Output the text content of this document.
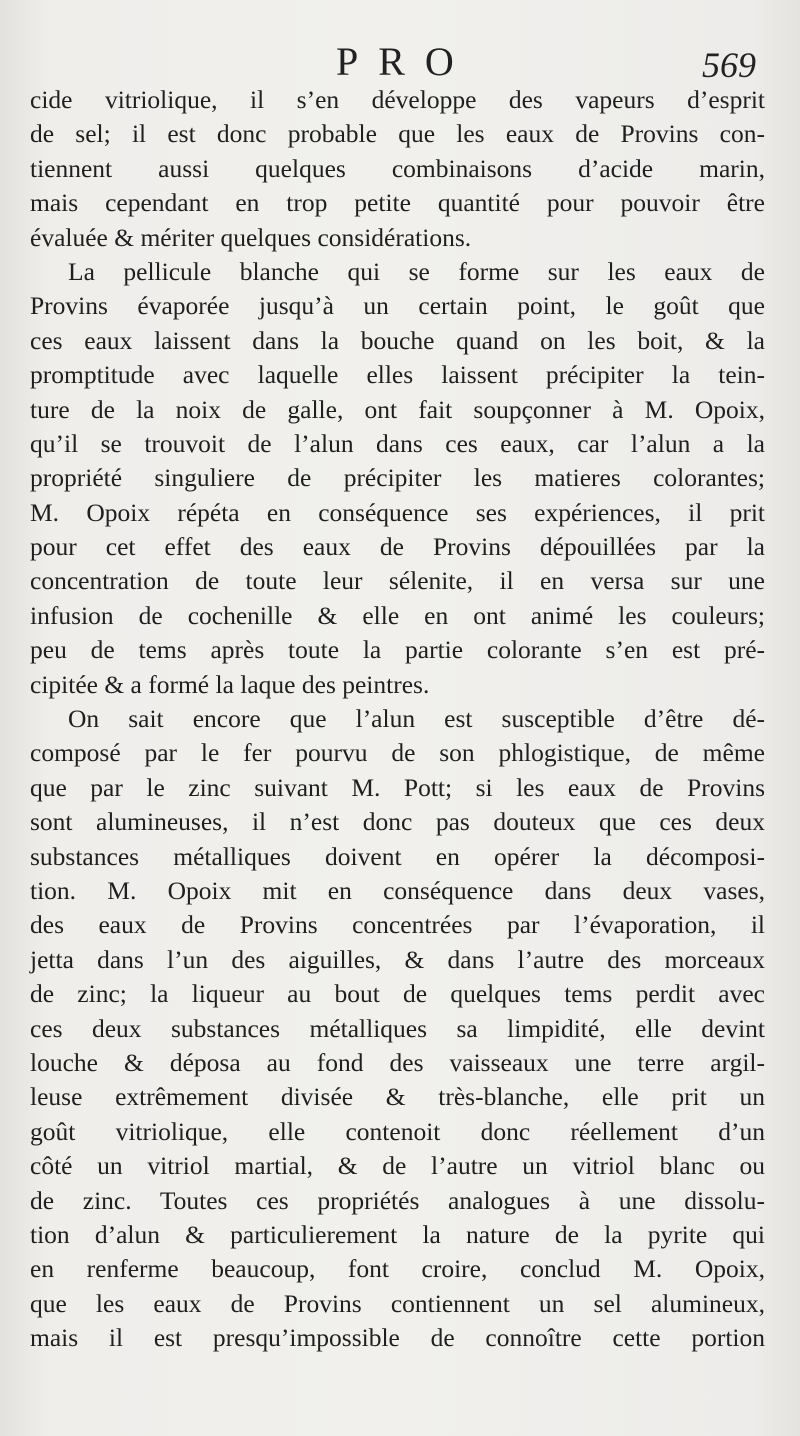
PRO	569
cide vitriolique, il s’en développe des vapeurs d’esprit
de sel; il est donc probable que les eaux de Provins con-
tiennent aussi quelques combinaisons d’acide marin,
mais cependant en trop petite quantité pour pouvoir être
évaluée & mériter quelques considérations.
La pellicule blanche qui se forme sur les eaux de
Provins évaporée jusqu’à un certain point, le goût que
ces eaux laissent dans la bouche quand on les boit, & la
promptitude avec laquelle elles laissent précipiter la tein-
ture de la noix de galle, ont fait soupçonner à M. Opoix,
qu’il se trouvoit de l’alun dans ces eaux, car l’alun a la
propriété singuliere de précipiter les matieres colorantes;
M. Opoix répéta en conséquence ses expériences, il prit
pour cet effet des eaux de Provins dépouillées par la
concentration de toute leur sélenite, il en versa sur une
infusion de cochenille & elle en ont animé les couleurs;
peu de tems après toute la partie colorante s’en est pré-
cipitée & a formé la laque des peintres.
On sait encore que l’alun est susceptible d’être dé-
composé par le fer pourvu de son phlogistique, de même
que par le zinc suivant M. Pott; si les eaux de Provins
sont alumineuses, il n’est donc pas douteux que ces deux
substances métalliques doivent en opérer la décomposi-
tion. M. Opoix mit en conséquence dans deux vases,
des eaux de Provins concentrées par l’évaporation, il
jetta dans l’un des aiguilles, & dans l’autre des morceaux
de zinc; la liqueur au bout de quelques tems perdit avec
ces deux substances métalliques sa limpidité, elle devint
louche & déposa au fond des vaisseaux une terre argil-
leuse extrêmement divisée & très-blanche, elle prit un
goût vitriolique, elle contenoit donc réellement d’un
côté un vitriol martial, & de l’autre un vitriol blanc ou
de zinc. Toutes ces propriétés analogues à une dissolu-
tion d’alun & particulierement la nature de la pyrite qui
en renferme beaucoup, font croire, conclud M. Opoix,
que les eaux de Provins contiennent un sel alumineux,
mais il est presqu’impossible de connoître cette portion
